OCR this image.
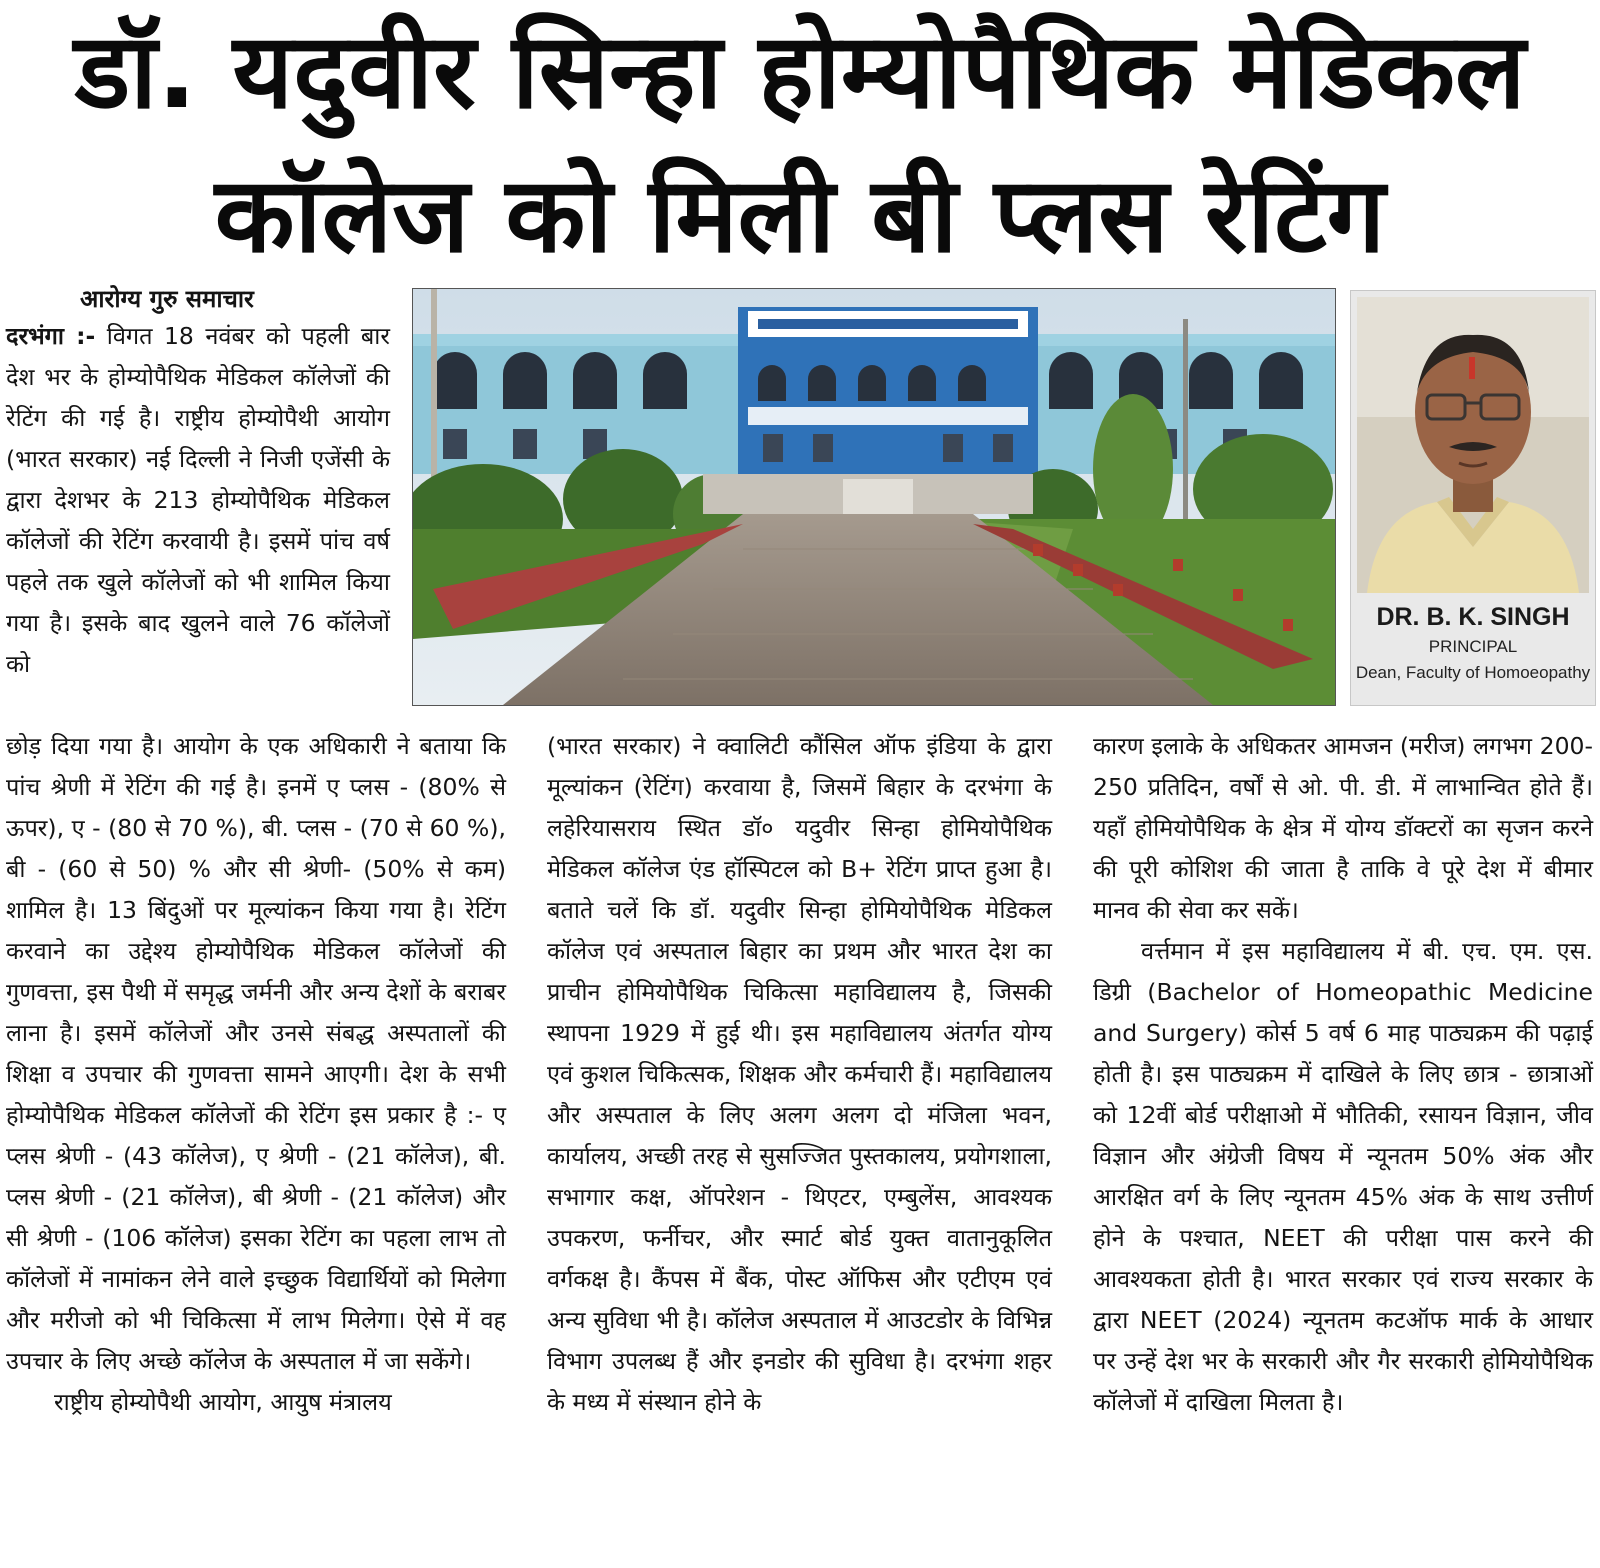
डॉ. यदुवीर सिन्हा होम्योपैथिक मेडिकल
कॉलेज को मिली बी प्लस रेटिंग
आरोग्य गुरु समाचार

दरभंगा :- विगत 18 नवंबर को पहली बार देश भर के होम्योपैथिक मेडिकल कॉलेजों की रेटिंग की गई है। राष्ट्रीय होम्योपैथी आयोग (भारत सरकार) नई दिल्ली ने निजी एजेंसी के द्वारा देशभर के 213 होम्योपैथिक मेडिकल कॉलेजों की रेटिंग करवायी है। इसमें पांच वर्ष पहले तक खुले कॉलेजों को भी शामिल किया गया है। इसके बाद खुलने वाले 76 कॉलेजों को

छोड़ दिया गया है। आयोग के एक अधिकारी ने बताया कि पांच श्रेणी में रेटिंग की गई है। इनमें ए प्लस - (80% से ऊपर), ए - (80 से 70 %), बी. प्लस - (70 से 60 %), बी - (60 से 50) % और सी श्रेणी- (50% से कम) शामिल है। 13 बिंदुओं पर मूल्यांकन किया गया है। रेटिंग करवाने का उद्देश्य होम्योपैथिक मेडिकल कॉलेजों की गुणवत्ता, इस पैथी में समृद्ध जर्मनी और अन्य देशों के बराबर लाना है। इसमें कॉलेजों और उनसे संबद्ध अस्पतालों की शिक्षा व उपचार की गुणवत्ता सामने आएगी। देश के सभी होम्योपैथिक मेडिकल कॉलेजों की रेटिंग इस प्रकार है :- ए प्लस श्रेणी - (43 कॉलेज), ए श्रेणी - (21 कॉलेज), बी. प्लस श्रेणी - (21 कॉलेज), बी श्रेणी - (21 कॉलेज) और सी श्रेणी - (106 कॉलेज) इसका रेटिंग का पहला लाभ तो कॉलेजों में नामांकन लेने वाले इच्छुक विद्यार्थियों को मिलेगा और मरीजो को भी चिकित्सा में लाभ मिलेगा। ऐसे में वह उपचार के लिए अच्छे कॉलेज के अस्पताल में जा सकेंगे।

राष्ट्रीय होम्योपैथी आयोग, आयुष मंत्रालय

(भारत सरकार) ने क्वालिटी कौंसिल ऑफ इंडिया के द्वारा मूल्यांकन (रेटिंग) करवाया है, जिसमें बिहार के दरभंगा के लहेरियासराय स्थित डॉ० यदुवीर सिन्हा होमियोपैथिक मेडिकल कॉलेज एंड हॉस्पिटल को B+ रेटिंग प्राप्त हुआ है। बताते चलें कि डॉ. यदुवीर सिन्हा होमियोपैथिक मेडिकल कॉलेज एवं अस्पताल बिहार का प्रथम और भारत देश का प्राचीन होमियोपैथिक चिकित्सा महाविद्यालय है, जिसकी स्थापना 1929 में हुई थी। इस महाविद्यालय अंतर्गत योग्य एवं कुशल चिकित्सक, शिक्षक और कर्मचारी हैं। महाविद्यालय और अस्पताल के लिए अलग अलग दो मंजिला भवन, कार्यालय, अच्छी तरह से सुसज्जित पुस्तकालय, प्रयोगशाला, सभागार कक्ष, ऑपरेशन - थिएटर, एम्बुलेंस, आवश्यक उपकरण, फर्नीचर, और स्मार्ट बोर्ड युक्त वातानुकूलित वर्गकक्ष है। कैंपस में बैंक, पोस्ट ऑफिस और एटीएम एवं अन्य सुविधा भी है। कॉलेज अस्पताल में आउटडोर के विभिन्न विभाग उपलब्ध हैं और इनडोर की सुविधा है। दरभंगा शहर के मध्य में संस्थान होने के

कारण इलाके के अधिकतर आमजन (मरीज) लगभग 200-250 प्रतिदिन, वर्षों से ओ. पी. डी. में लाभान्वित होते हैं। यहाँ होमियोपैथिक के क्षेत्र में योग्य डॉक्टरों का सृजन करने की पूरी कोशिश की जाता है ताकि वे पूरे देश में बीमार मानव की सेवा कर सकें।

वर्त्तमान में इस महाविद्यालय में बी. एच. एम. एस. डिग्री (Bachelor of Homeopathic Medicine and Surgery) कोर्स 5 वर्ष 6 माह पाठ्यक्रम की पढ़ाई होती है। इस पाठ्यक्रम में दाखिले के लिए छात्र - छात्राओं को 12वीं बोर्ड परीक्षाओ में भौतिकी, रसायन विज्ञान, जीव विज्ञान और अंग्रेजी विषय में न्यूनतम 50% अंक और आरक्षित वर्ग के लिए न्यूनतम 45% अंक के साथ उत्तीर्ण होने के पश्चात, NEET की परीक्षा पास करने की आवश्यकता होती है। भारत सरकार एवं राज्य सरकार के द्वारा NEET (2024) न्यूनतम कटऑफ मार्क के आधार पर उन्हें देश भर के सरकारी और गैर सरकारी होमियोपैथिक कॉलेजों में दाखिला मिलता है।

DR. B. K. SINGH
PRINCIPAL
Dean, Faculty of Homoeopathy
